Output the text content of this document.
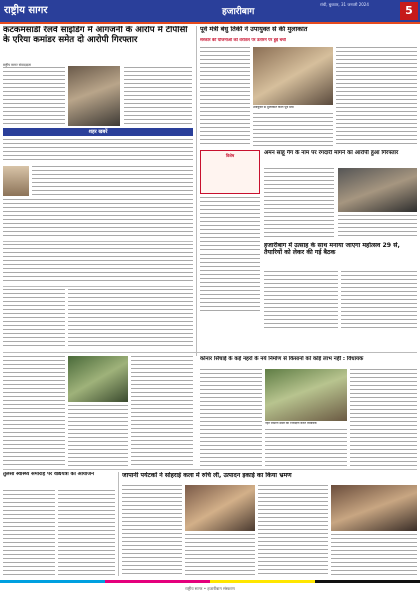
राष्ट्रीय सागर	हजारीबाग
रांची, बुधवार, 31 जनवरी 2024	5
कटकमसांडी रेलवे साइडिंग में आगजनी के आरोप में टीपीसी के एरिया कमांडर समेत दो आरोपी गिरफ्तार
राष्ट्रीय सागर संवाददाता
शहर खबरें
पूर्व मंत्री बंधु तिर्की ने उपायुक्त से की मुलाकात
सरकार की योजनाओं को धरातल पर उतारने पर हुई चर्चा
उपायुक्त से मुलाकात करते पूर्व मंत्री
विशेष	अमन साहू गैंग के नाम पर रंगदारी मांगने का आरोपी हुआ गिरफ्तार
हजारीबाग में उत्साह के साथ मनाया जाएगा महोत्सव 29 से, तैयारियों को लेकर की गई बैठक
कोनार सिंचाई के कई नहरों के नये निर्माण से किसानों को कोई लाभ नहीं : विधायक
नहर निर्माण स्थल का निरीक्षण करते विधायक
तुलसी स्वास्थ्य समारोह पर वाद्ययंत्रों का आयोजन	जापानी पर्यटकों ने सोहराई कला में रुचि ली, उत्पादन इकाई का किया भ्रमण
राष्ट्रीय सागर • हजारीबाग संस्करण
